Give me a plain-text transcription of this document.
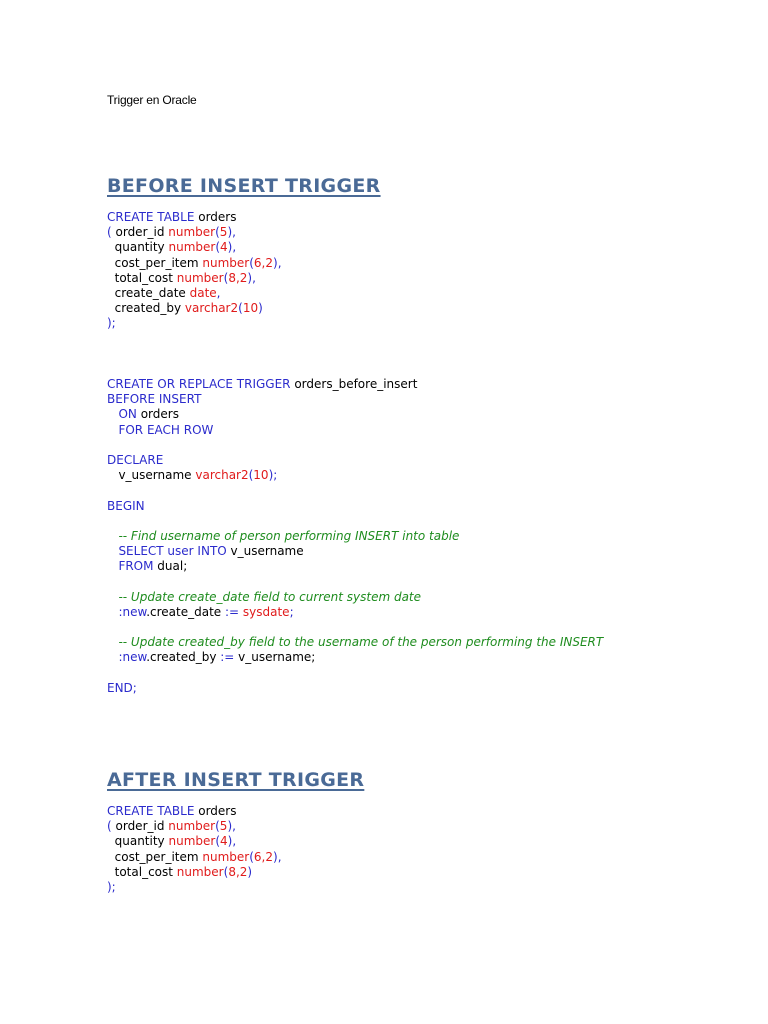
Trigger en Oracle
BEFORE INSERT TRIGGER
CREATE TABLE orders
( order_id number(5),
quantity number(4),
cost_per_item number(6,2),
total_cost number(8,2),
create_date date,
created_by varchar2(10)
);
CREATE OR REPLACE TRIGGER orders_before_insert
BEFORE INSERT
ON orders
FOR EACH ROW

DECLARE
v_username varchar2(10);

BEGIN

-- Find username of person performing INSERT into table
SELECT user INTO v_username
FROM dual;

-- Update create_date field to current system date
:new.create_date := sysdate;

-- Update created_by field to the username of the person performing the INSERT
:new.created_by := v_username;

END;
AFTER INSERT TRIGGER
CREATE TABLE orders
( order_id number(5),
quantity number(4),
cost_per_item number(6,2),
total_cost number(8,2)
);
